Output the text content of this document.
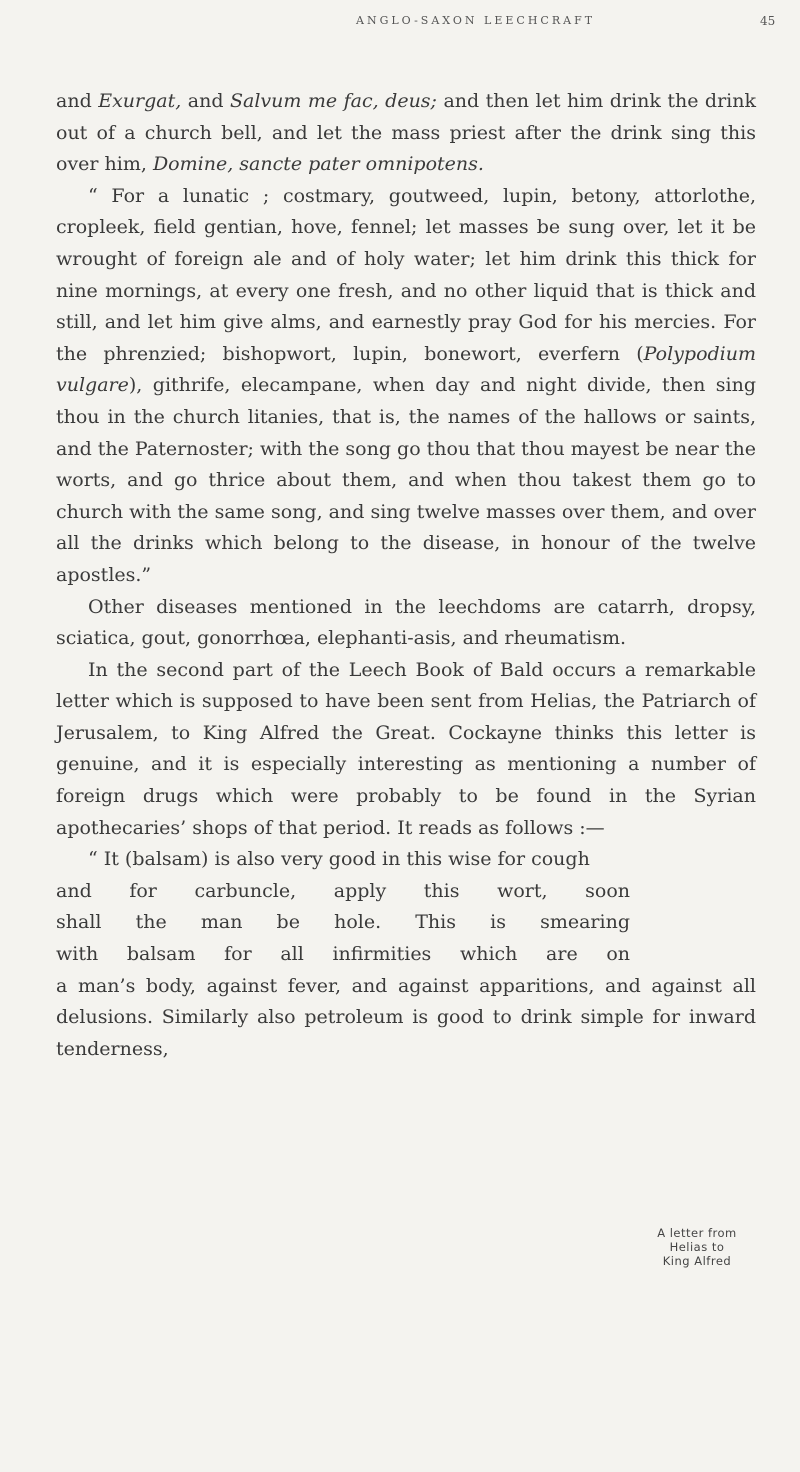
ANGLO-SAXON LEECHCRAFT	45

and Exurgat, and Salvum me fac, deus; and then let him drink the drink out of a church bell, and let the mass priest after the drink sing this over him, Domine, sancte pater omnipotens.

“ For a lunatic ; costmary, goutweed, lupin, betony, attorlothe, cropleek, field gentian, hove, fennel; let masses be sung over, let it be wrought of foreign ale and of holy water; let him drink this thick for nine mornings, at every one fresh, and no other liquid that is thick and still, and let him give alms, and earnestly pray God for his mercies. For the phrenzied; bishopwort, lupin, bonewort, everfern (Polypodium vulgare), githrife, elecampane, when day and night divide, then sing thou in the church litanies, that is, the names of the hallows or saints, and the Paternoster; with the song go thou that thou mayest be near the worts, and go thrice about them, and when thou takest them go to church with the same song, and sing twelve masses over them, and over all the drinks which belong to the disease, in honour of the twelve apostles.”

Other diseases mentioned in the leechdoms are catarrh, dropsy, sciatica, gout, gonorrhœa, elephanti-asis, and rheumatism.

In the second part of the Leech Book of Bald occurs a remarkable letter which is supposed to have been sent from Helias, the Patriarch of Jerusalem, to King Alfred the Great. Cockayne thinks this letter is genuine, and it is especially interesting as mentioning a number of foreign drugs which were probably to be found in the Syrian apothecaries’ shops of that period. It reads as follows :—

“ It (balsam) is also very good in this wise for cough
and for carbuncle, apply this wort, soon
shall the man be hole. This is smearing
with balsam for all infirmities which are on
a man’s body, against fever, and against apparitions, and against all delusions. Similarly also petroleum is good to drink simple for inward tenderness,

A letter from
Helias to
King Alfred
